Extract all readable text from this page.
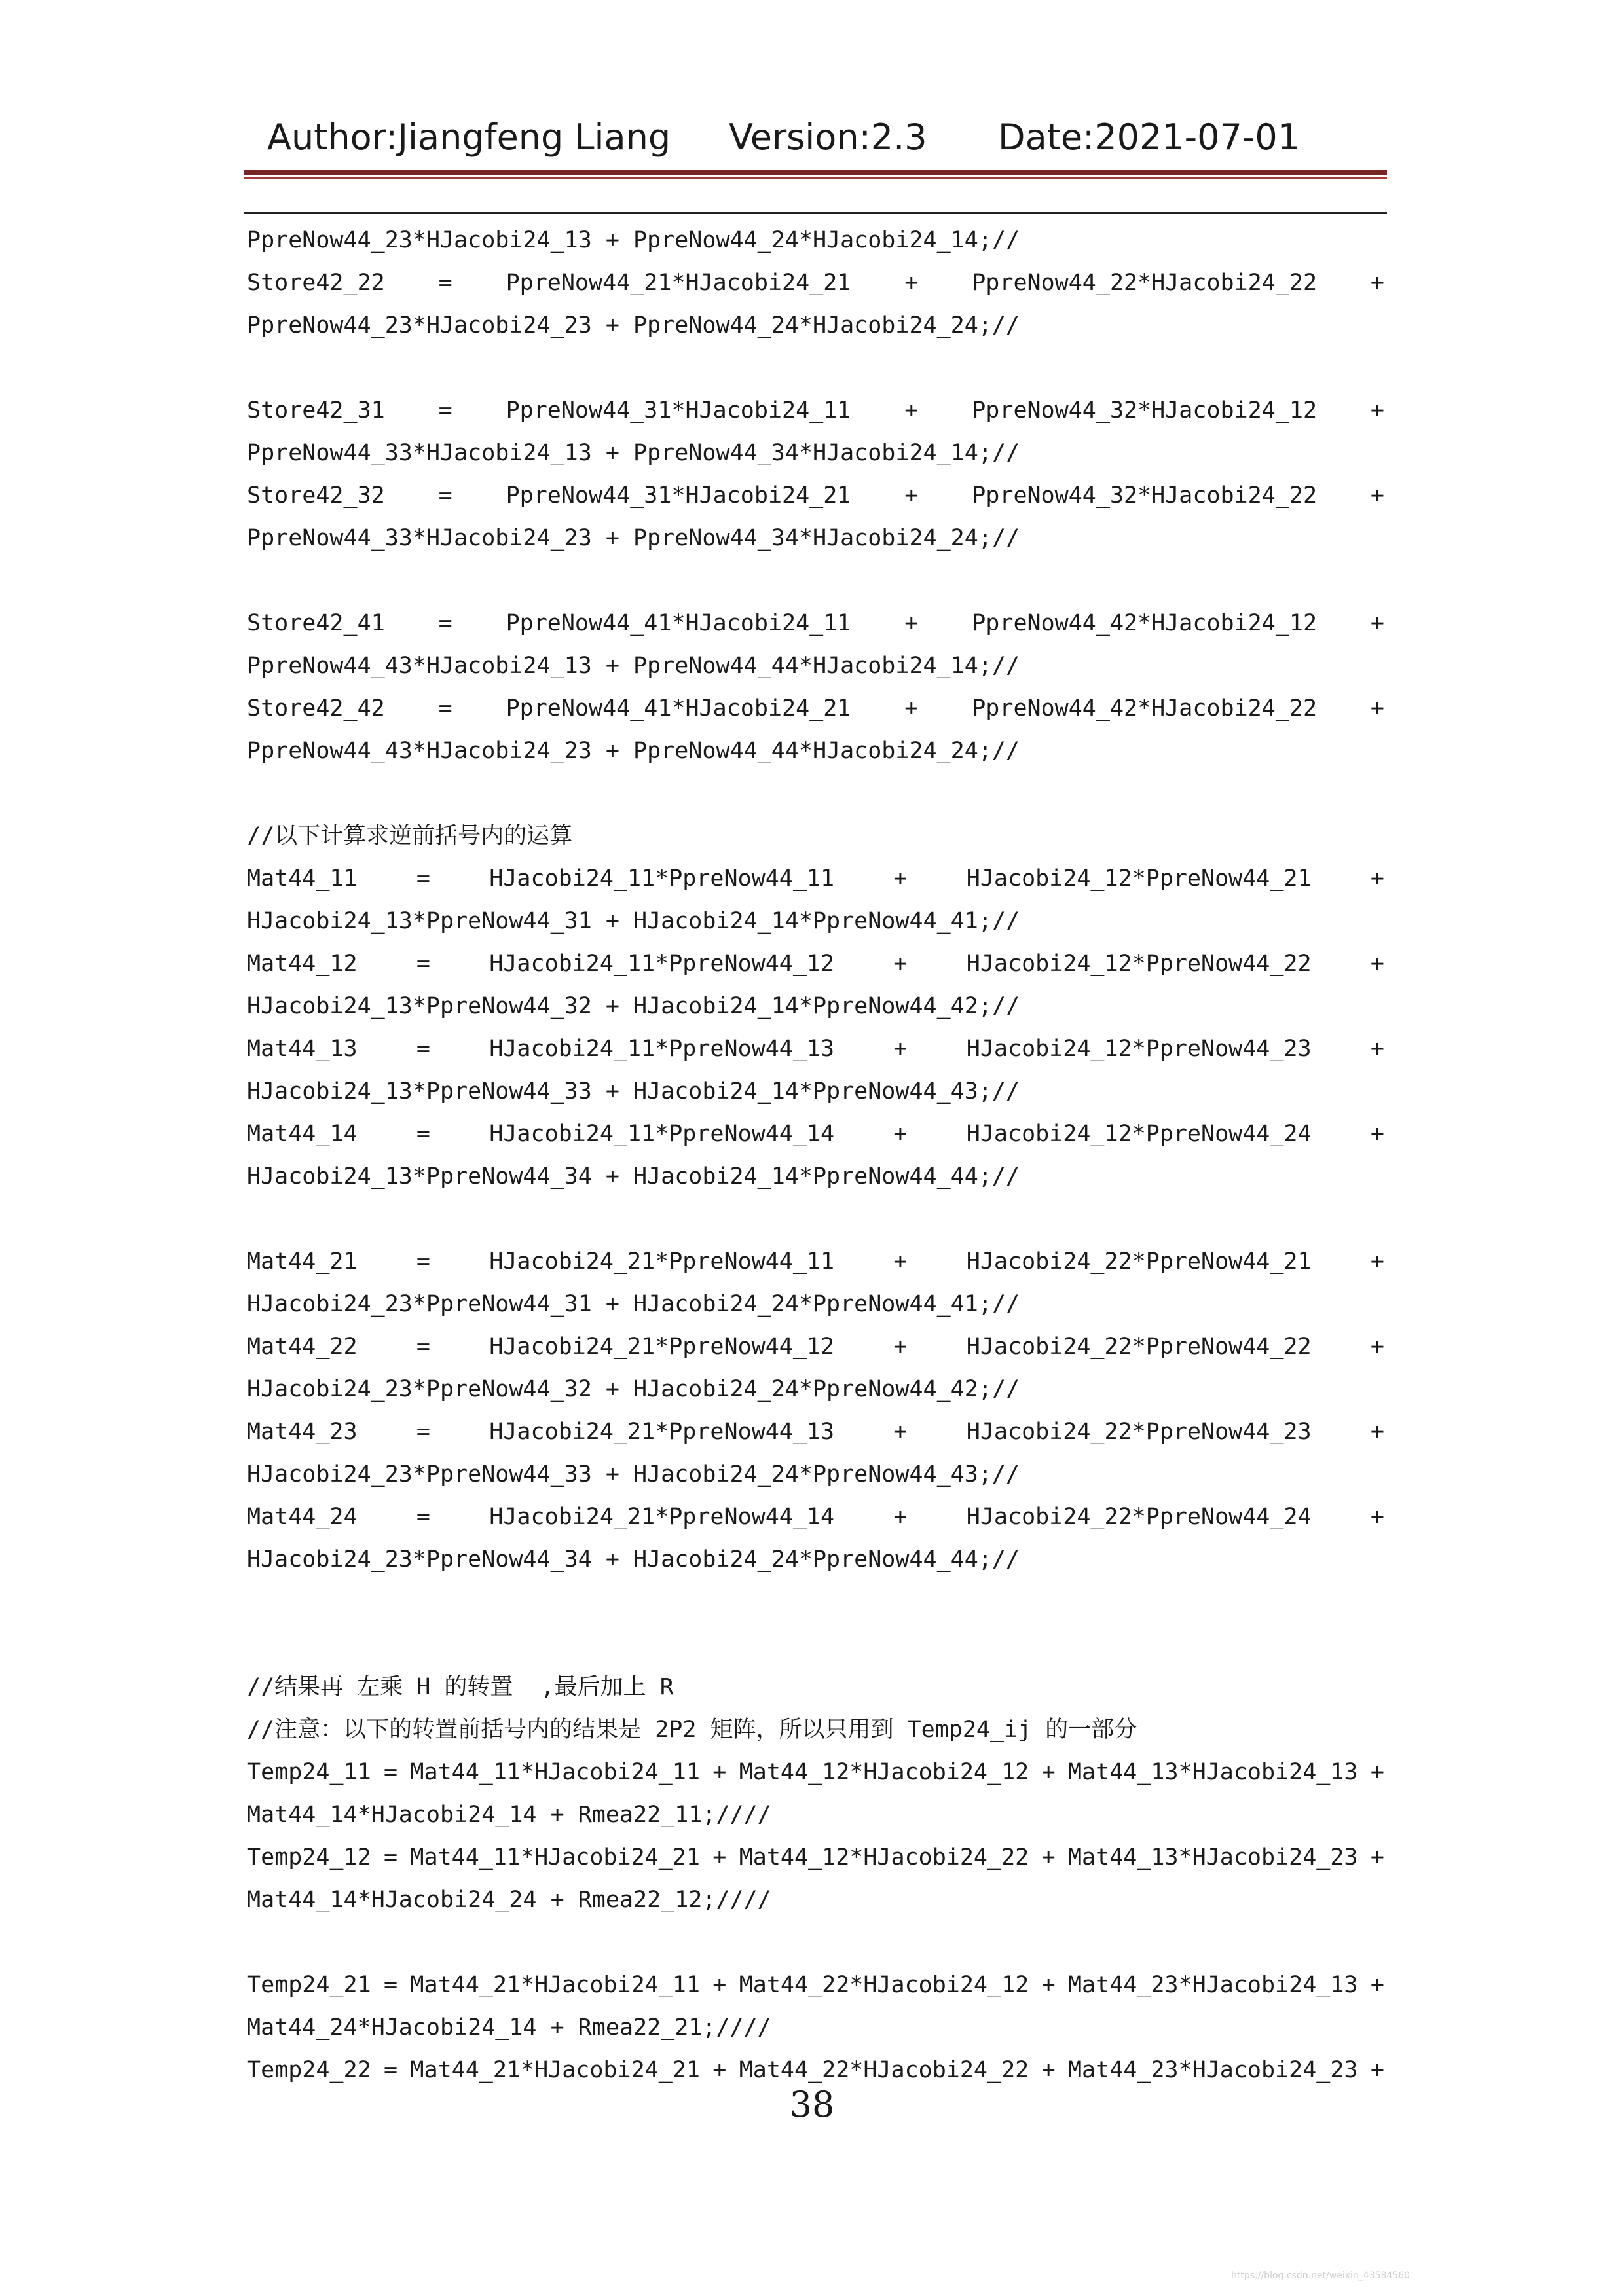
Author:Jiangfeng Liang Version:2.3 Date:2021-07-01
PpreNow44_23*HJacobi24_13 + PpreNow44_24*HJacobi24_14;//
Store42_22 = PpreNow44_21*HJacobi24_21 + PpreNow44_22*HJacobi24_22 +
PpreNow44_23*HJacobi24_23 + PpreNow44_24*HJacobi24_24;//
Store42_31 = PpreNow44_31*HJacobi24_11 + PpreNow44_32*HJacobi24_12 +
PpreNow44_33*HJacobi24_13 + PpreNow44_34*HJacobi24_14;//
Store42_32 = PpreNow44_31*HJacobi24_21 + PpreNow44_32*HJacobi24_22 +
PpreNow44_33*HJacobi24_23 + PpreNow44_34*HJacobi24_24;//
Store42_41 = PpreNow44_41*HJacobi24_11 + PpreNow44_42*HJacobi24_12 +
PpreNow44_43*HJacobi24_13 + PpreNow44_44*HJacobi24_14;//
Store42_42 = PpreNow44_41*HJacobi24_21 + PpreNow44_42*HJacobi24_22 +
PpreNow44_43*HJacobi24_23 + PpreNow44_44*HJacobi24_24;//
//以下计算求逆前括号内的运算
Mat44_11	=	HJacobi24_11*PpreNow44_11	+	HJacobi24_12*PpreNow44_21	+
HJacobi24_13*PpreNow44_31 + HJacobi24_14*PpreNow44_41;//
Mat44_12	=	HJacobi24_11*PpreNow44_12	+	HJacobi24_12*PpreNow44_22	+
HJacobi24_13*PpreNow44_32 + HJacobi24_14*PpreNow44_42;//
Mat44_13	=	HJacobi24_11*PpreNow44_13	+	HJacobi24_12*PpreNow44_23	+
HJacobi24_13*PpreNow44_33 + HJacobi24_14*PpreNow44_43;//
Mat44_14	=	HJacobi24_11*PpreNow44_14	+	HJacobi24_12*PpreNow44_24	+
HJacobi24_13*PpreNow44_34 + HJacobi24_14*PpreNow44_44;//
Mat44_21	=	HJacobi24_21*PpreNow44_11	+	HJacobi24_22*PpreNow44_21	+
HJacobi24_23*PpreNow44_31 + HJacobi24_24*PpreNow44_41;//
Mat44_22	=	HJacobi24_21*PpreNow44_12	+	HJacobi24_22*PpreNow44_22	+
HJacobi24_23*PpreNow44_32 + HJacobi24_24*PpreNow44_42;//
Mat44_23	=	HJacobi24_21*PpreNow44_13	+	HJacobi24_22*PpreNow44_23	+
HJacobi24_23*PpreNow44_33 + HJacobi24_24*PpreNow44_43;//
Mat44_24	=	HJacobi24_21*PpreNow44_14	+	HJacobi24_22*PpreNow44_24	+
HJacobi24_23*PpreNow44_34 + HJacobi24_24*PpreNow44_44;//
//结果再 左乘 H 的转置  ,最后加上 R
//注意：以下的转置前括号内的结果是 2P2 矩阵，所以只用到 Temp24_ij 的一部分
Temp24_11 = Mat44_11*HJacobi24_11 + Mat44_12*HJacobi24_12 + Mat44_13*HJacobi24_13 +
Mat44_14*HJacobi24_14 + Rmea22_11;////
Temp24_12 = Mat44_11*HJacobi24_21 + Mat44_12*HJacobi24_22 + Mat44_13*HJacobi24_23 +
Mat44_14*HJacobi24_24 + Rmea22_12;////
Temp24_21 = Mat44_21*HJacobi24_11 + Mat44_22*HJacobi24_12 + Mat44_23*HJacobi24_13 +
Mat44_24*HJacobi24_14 + Rmea22_21;////
Temp24_22 = Mat44_21*HJacobi24_21 + Mat44_22*HJacobi24_22 + Mat44_23*HJacobi24_23 +
38
https://blog.csdn.net/weixin_43584560
